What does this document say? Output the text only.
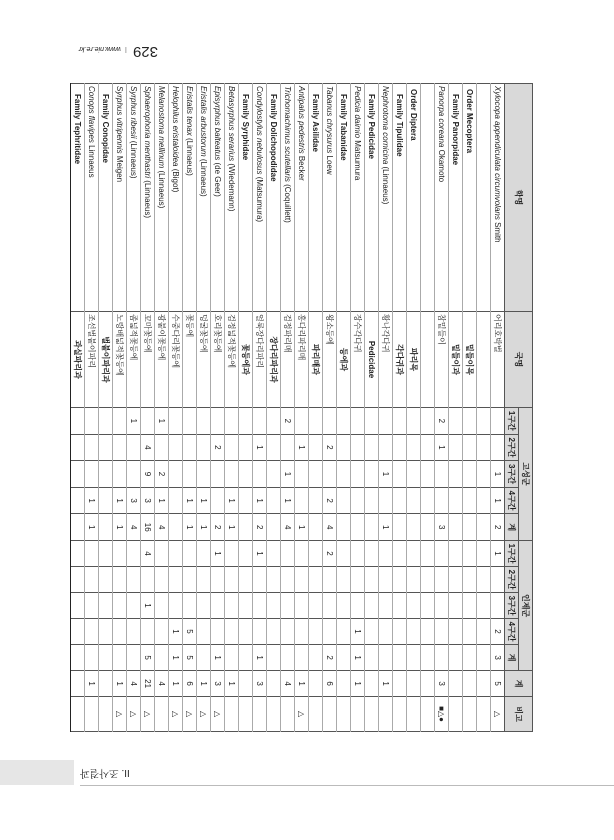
329Iwww.nie.re.kr
학명	국명	고성군					인제군					계	비고
		1구간	2구간	3구간	4구간	계	1구간	2구간	3구간	4구간	계		
Xylocopa appendiculata circumvolans Smith	어리호박벌			1	1	2	1			2	3	5	△

Order Mecoptera	밑들이목												
Family Panorpidae	밑들이과												
Panorpa coreana Okamoto	참밑들이	2	1			3						3	■△●

Order Diptera	파리목												
Family Tipulidae	각다귀과												
Nephrotoma cornicina (Linnaeus)	황나각다귀			1		1						1	
Family Pedicidae	Pedicidae												
Pedicia daimio Matsumura	장수각다귀									1	1	1	
Family Tabanidae	등에과												
Tabanus chrysurus Loew	왕소등에		2		2	4	2				2	6	
Family Asilidae	파리매과												
Antipalus pedestris Becker	홍다리파리매		1			1						1	△
Trichomachimus scutellaris (Coquillett)	검정파리매	2		1	1	4						4	
Family Dolichopodidae	장다리파리과												
Condylostylus nebulosus (Matsumura)	얼룩장다리파리		1		1	2	1				1	3	
Family Syrphidae	꽃등에과												
Betasyrphus serarius (Wiedemann)	검정넓적꽃등에				1	1						1	
Episyrphus balteatus (de Geer)	호리꽃등에		2			2	1				1	3	△
Eristalis arbustorum (Linnaeus)	덩굴꽃등에				1	1						1	△
Eristalis tenax (Linnaeus)	꽃등에				1	1				5	5	6	△
Helophilus eristaloidea (Bigot)	수중다리꽃등에									1	1	1	△
Melanostoma mellinum (Linnaeus)	광붙이꽃등에	1		2	1	4						4	
Sphaerophoria menthastri (Linnaeus)	꼬마꽃등에		4	9	3	16	4		1		5	21	△
Syrphus ribesii (Linnaeus)	좀넓적꽃등에	1			3	4						4	△
Syrphus vitripennis Meigen	노랑배넓적꽃등에				1	1						1	△
Family Conopidae	벌붙이파리과												
Conops flavipes Linnaeus	조선벌붙이파리				1	1						1	
Family Tephritidae	과실파리과												
II. 조사결과
